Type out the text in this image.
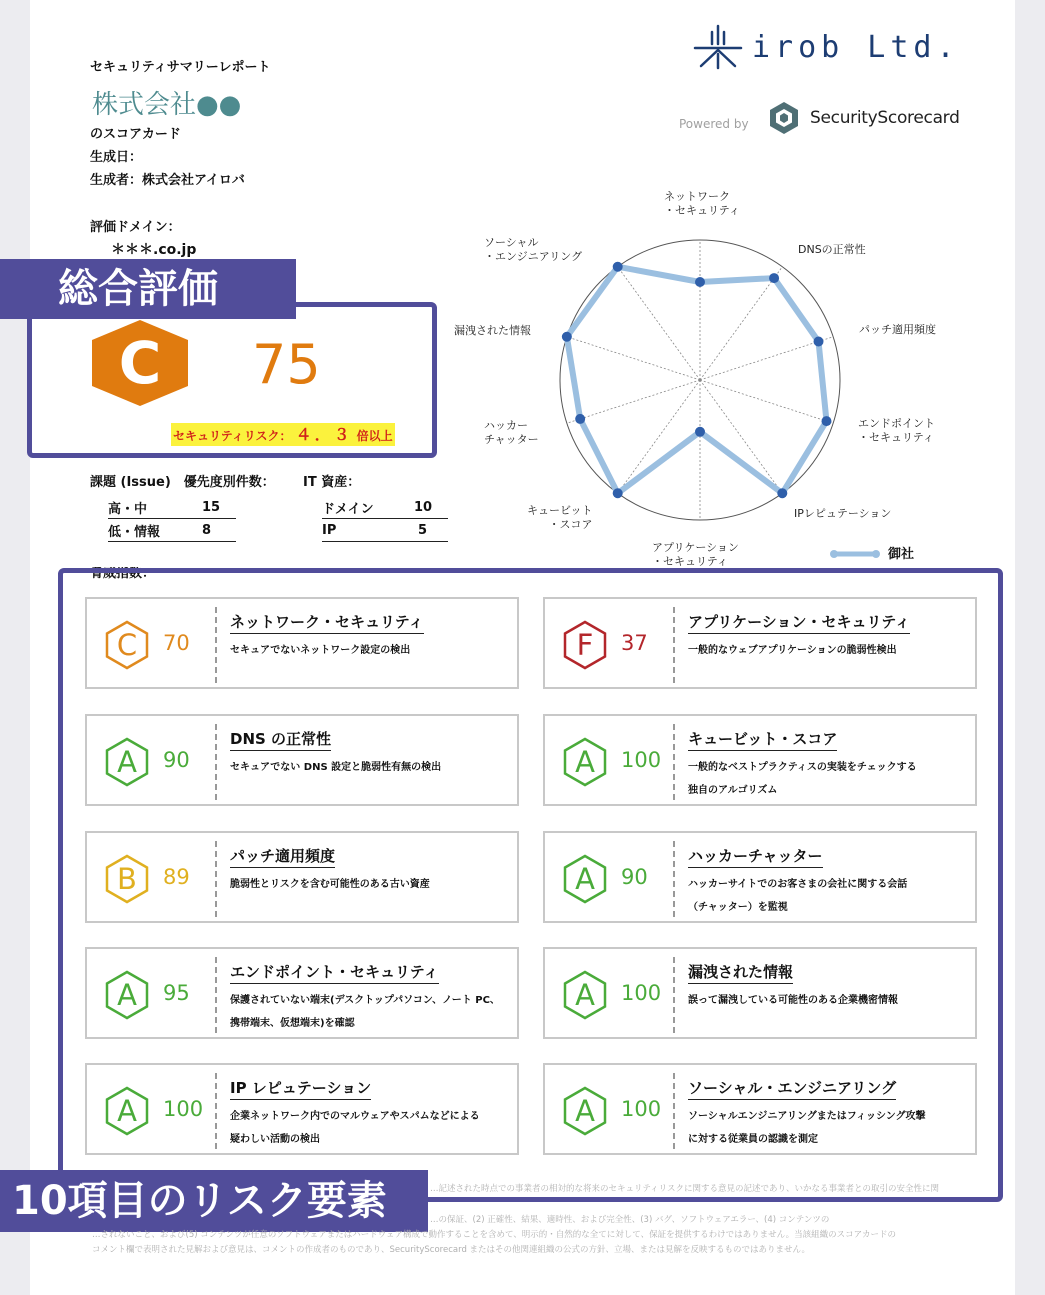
セキュリティサマリーレポート
株式会社●●
のスコアカード
生成日：
生成者：株式会社アイロバ
評価ドメイン：
＊＊＊.co.jp
irob Ltd.
Powered by	SecurityScorecard
総合評価
C	75
セキュリティリスク： ４．３ 倍以上
課題 (Issue)　優先度別件数：
高・中	15
低・情報	8
IT 資産：
ドメイン	10
IP	5
ネットワーク
・セキュリティ
DNSの正常性
パッチ適用頻度
エンドポイント
・セキュリティ
IPレピュテーション
アプリケーション
・セキュリティ
キュービット
・スコア
ハッカー
チャッター
漏洩された情報
ソーシャル
・エンジニアリング
御社
脅威指数：
C	70
ネットワーク・セキュリティ
セキュアでないネットワーク設定の検出	F	37
アプリケーション・セキュリティ
一般的なウェブアプリケーションの脆弱性検出
A	90
DNS の正常性
セキュアでない DNS 設定と脆弱性有無の検出	A	100
キュービット・スコア
一般的なベストプラクティスの実装をチェックする
独自のアルゴリズム
B	89
パッチ適用頻度
脆弱性とリスクを含む可能性のある古い資産	A	90
ハッカーチャッター
ハッカーサイトでのお客さまの会社に関する会話
（チャッター）を監視
A	95
エンドポイント・セキュリティ
保護されていない端末(デスクトップパソコン、ノート PC、
携帯端末、仮想端末)を確認
A	100
漏洩された情報
誤って漏洩している可能性のある企業機密情報
A	100
IP レピュテーション
企業ネットワーク内でのマルウェアやスパムなどによる
疑わしい活動の検出
A	100
ソーシャル・エンジニアリング
ソーシャルエンジニアリングまたはフィッシング攻撃
に対する従業員の認識を測定
10項目のリスク要素	…記述された時点での事業者の相対的な将来のセキュリティリスクに関する意見の記述であり、いかなる事業者との取引の安全性に関
…の保証、(2) 正確性、結果、適時性、および完全性、(3) バグ、ソフトウェアエラー、(4) コンテンツの
…されないこと、および(5) コンテンツが任意のソフトウェアまたはハードウェア構成で動作することを含めて、明示的・自然的な全てに対して、保証を提供するわけではありません。当該組織のスコアカードの
コメント欄で表明された見解および意見は、コメントの作成者のものであり、SecurityScorecard またはその他関連組織の公式の方針、立場、または見解を反映するものではありません。
